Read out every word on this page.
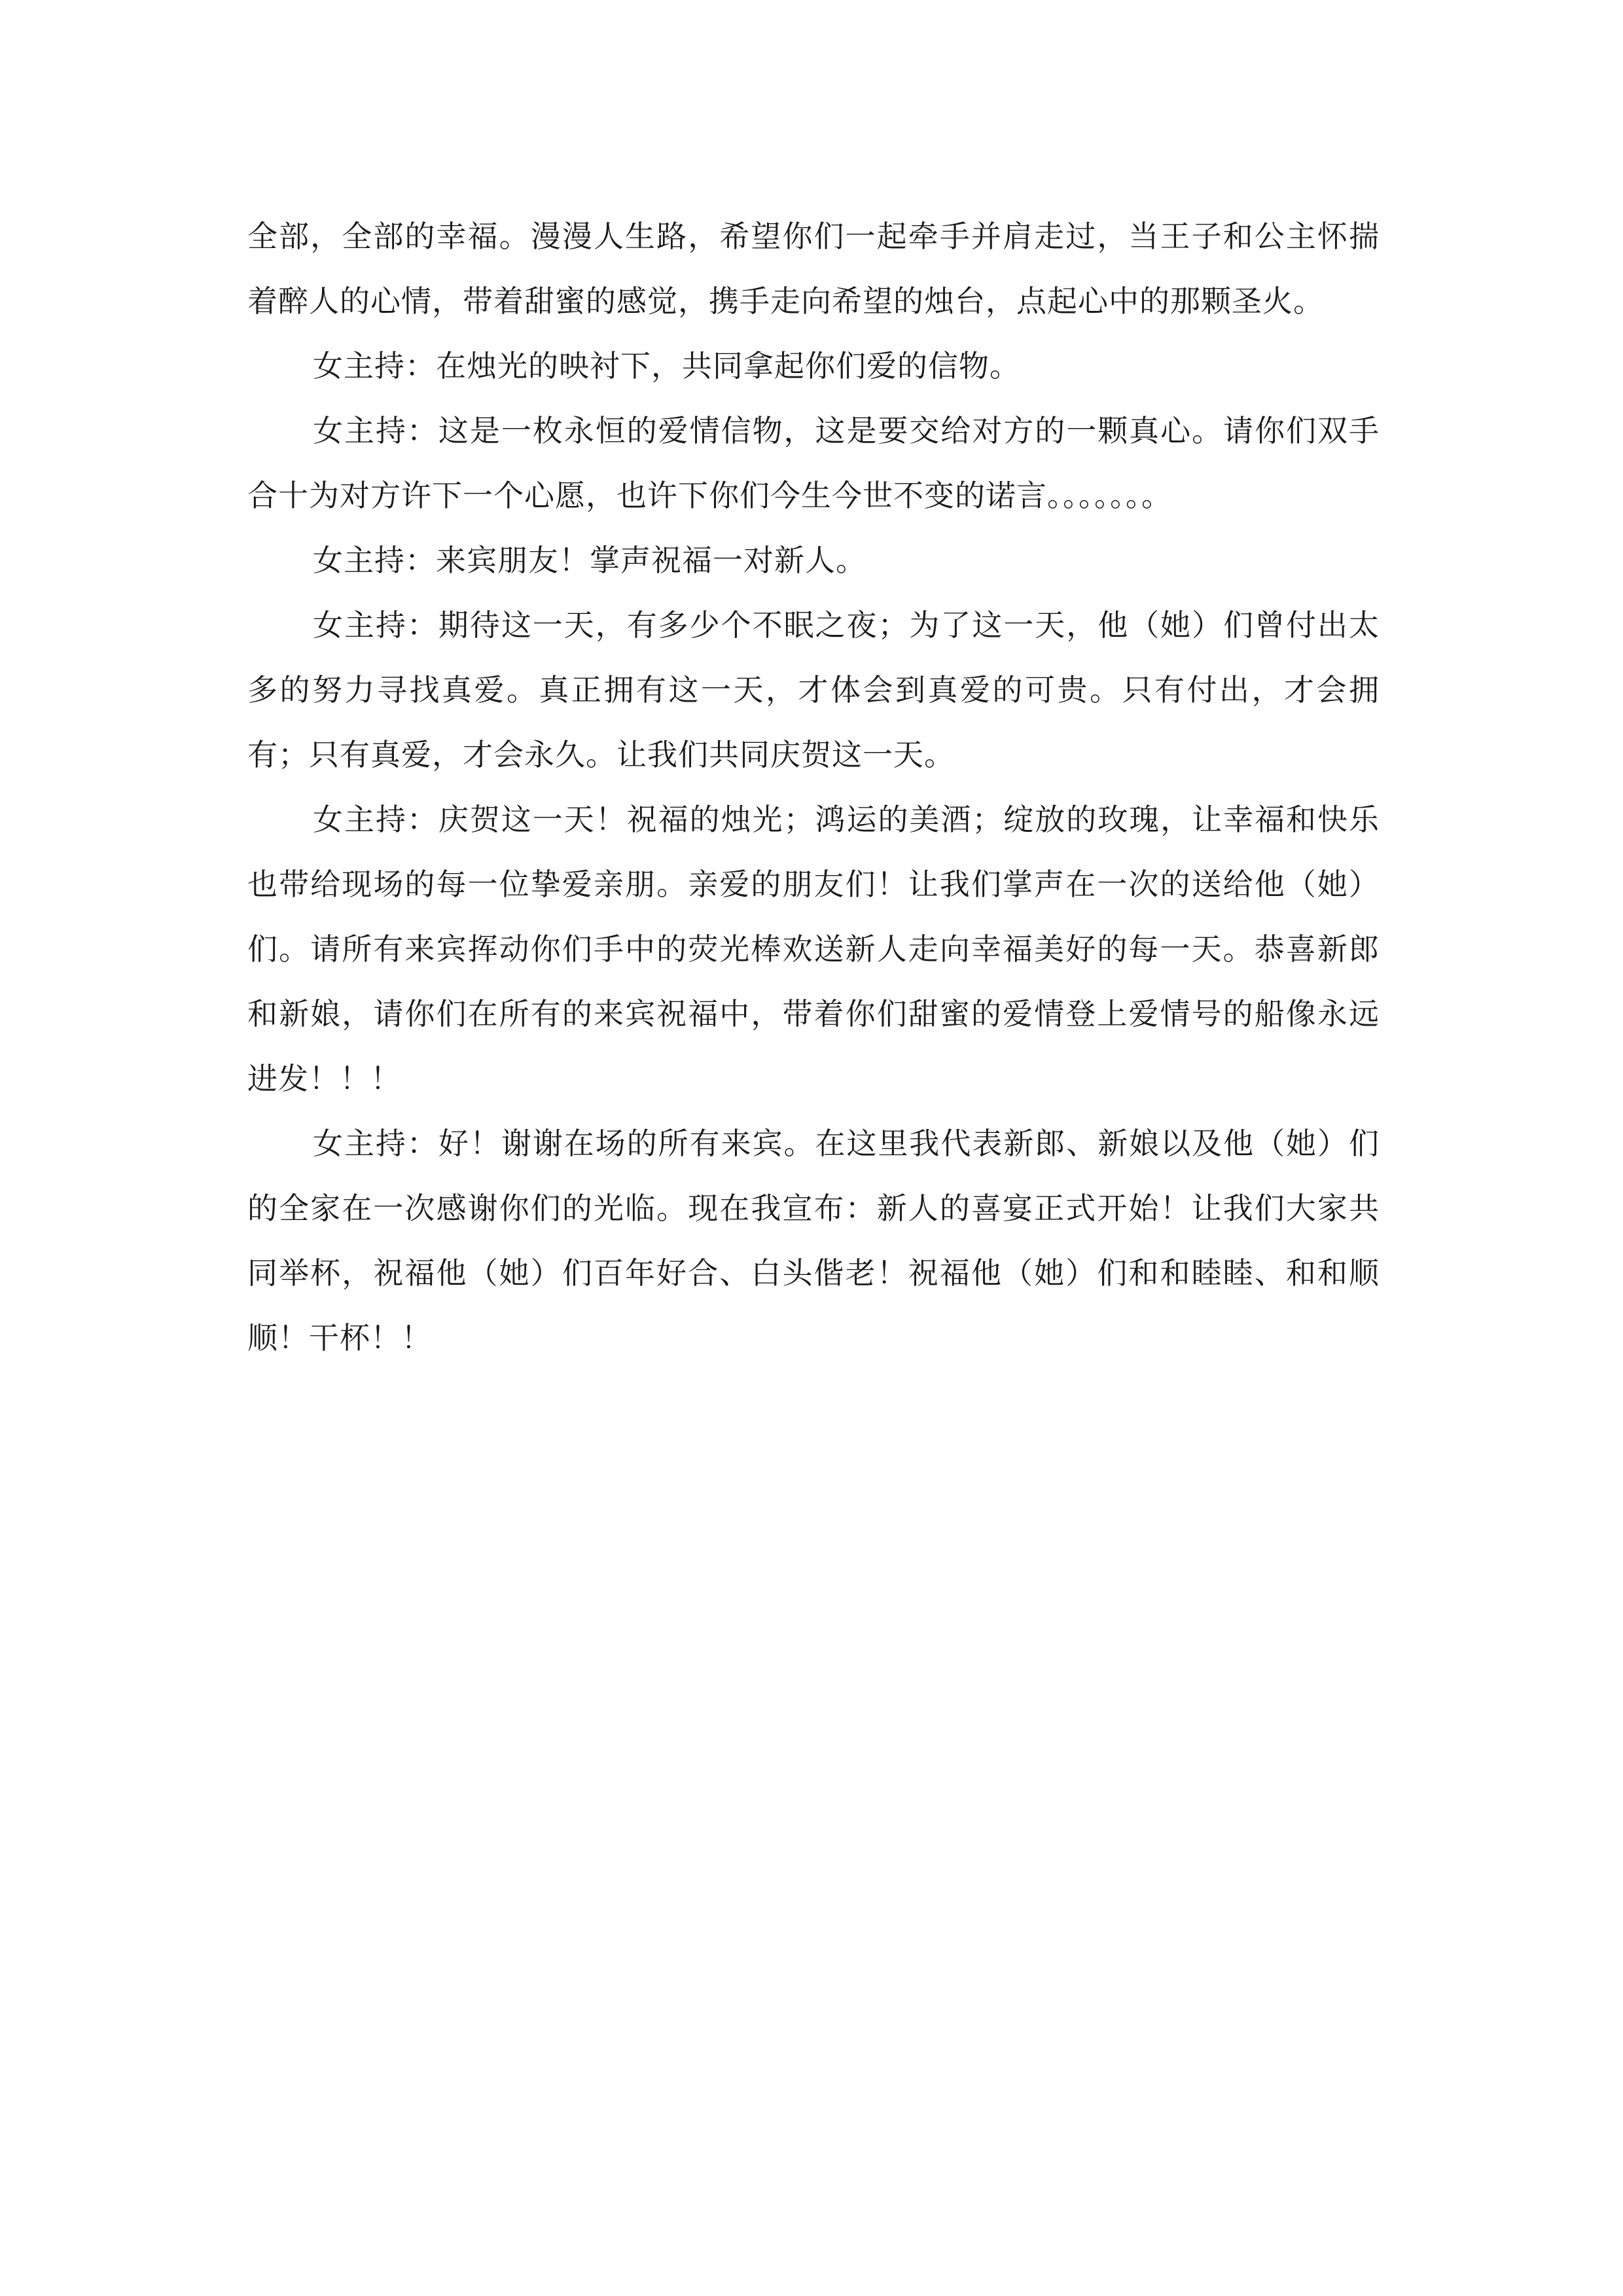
全部，全部的幸福。漫漫人生路，希望你们一起牵手并肩走过，当王子和公主怀揣着醉人的心情，带着甜蜜的感觉，携手走向希望的烛台，点起心中的那颗圣火。

女主持：在烛光的映衬下，共同拿起你们爱的信物。

女主持：这是一枚永恒的爱情信物，这是要交给对方的一颗真心。请你们双手合十为对方许下一个心愿，也许下你们今生今世不变的诺言。。。。。。。

女主持：来宾朋友！掌声祝福一对新人。

女主持：期待这一天，有多少个不眠之夜；为了这一天，他（她）们曾付出太多的努力寻找真爱。真正拥有这一天，才体会到真爱的可贵。只有付出，才会拥有；只有真爱，才会永久。让我们共同庆贺这一天。

女主持：庆贺这一天！祝福的烛光；鸿运的美酒；绽放的玫瑰，让幸福和快乐也带给现场的每一位挚爱亲朋。亲爱的朋友们！让我们掌声在一次的送给他（她）们。请所有来宾挥动你们手中的荧光棒欢送新人走向幸福美好的每一天。恭喜新郎和新娘，请你们在所有的来宾祝福中，带着你们甜蜜的爱情登上爱情号的船像永远进发！！！

女主持：好！谢谢在场的所有来宾。在这里我代表新郎、新娘以及他（她）们的全家在一次感谢你们的光临。现在我宣布：新人的喜宴正式开始！让我们大家共同举杯，祝福他（她）们百年好合、白头偕老！祝福他（她）们和和睦睦、和和顺顺！干杯！！
